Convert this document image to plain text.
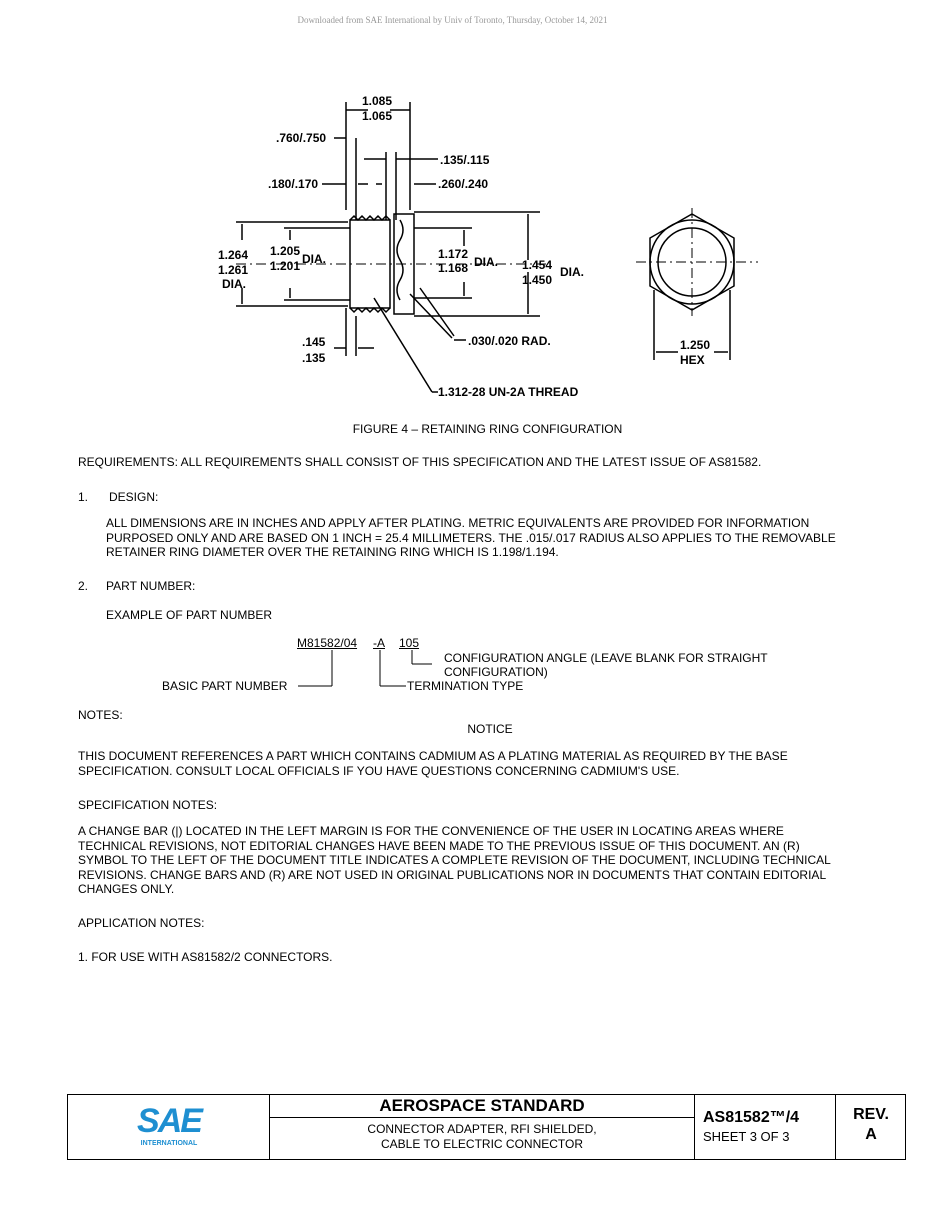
Downloaded from SAE International by Univ of Toronto, Thursday, October 14, 2021
1.085
1.065
.760/.750
.135/.115
.180/.170	.260/.240
1.264
1.261
DIA.
1.205
1.201 DIA.	1.172
1.168 DIA. 1.454
1.450
DIA.
.145
.135
.030/.020 RAD.
1.312-28 UN-2A THREAD
1.250
HEX
FIGURE 4 – RETAINING RING CONFIGURATION
REQUIREMENTS: ALL REQUIREMENTS SHALL CONSIST OF THIS SPECIFICATION AND THE LATEST ISSUE OF AS81582.
1. DESIGN:
ALL DIMENSIONS ARE IN INCHES AND APPLY AFTER PLATING. METRIC EQUIVALENTS ARE PROVIDED FOR INFORMATION
PURPOSED ONLY AND ARE BASED ON 1 INCH = 25.4 MILLIMETERS. THE .015/.017 RADIUS ALSO APPLIES TO THE REMOVABLE
RETAINER RING DIAMETER OVER THE RETAINING RING WHICH IS 1.198/1.194.
2. PART NUMBER:
EXAMPLE OF PART NUMBER
M81582/04 -A 105
CONFIGURATION ANGLE (LEAVE BLANK FOR STRAIGHT
CONFIGURATION)
BASIC PART NUMBER	TERMINATION TYPE
NOTES:
NOTICE
THIS DOCUMENT REFERENCES A PART WHICH CONTAINS CADMIUM AS A PLATING MATERIAL AS REQUIRED BY THE BASE
SPECIFICATION. CONSULT LOCAL OFFICIALS IF YOU HAVE QUESTIONS CONCERNING CADMIUM'S USE.
SPECIFICATION NOTES:
A CHANGE BAR (|) LOCATED IN THE LEFT MARGIN IS FOR THE CONVENIENCE OF THE USER IN LOCATING AREAS WHERE
TECHNICAL REVISIONS, NOT EDITORIAL CHANGES HAVE BEEN MADE TO THE PREVIOUS ISSUE OF THIS DOCUMENT. AN (R)
SYMBOL TO THE LEFT OF THE DOCUMENT TITLE INDICATES A COMPLETE REVISION OF THE DOCUMENT, INCLUDING TECHNICAL
REVISIONS. CHANGE BARS AND (R) ARE NOT USED IN ORIGINAL PUBLICATIONS NOR IN DOCUMENTS THAT CONTAIN EDITORIAL
CHANGES ONLY.
APPLICATION NOTES:
1. FOR USE WITH AS81582/2 CONNECTORS.
SAE
INTERNATIONAL
AEROSPACE STANDARD
CONNECTOR ADAPTER, RFI SHIELDED,
CABLE TO ELECTRIC CONNECTOR
AS81582™/4
SHEET 3 OF 3
REV.
A
